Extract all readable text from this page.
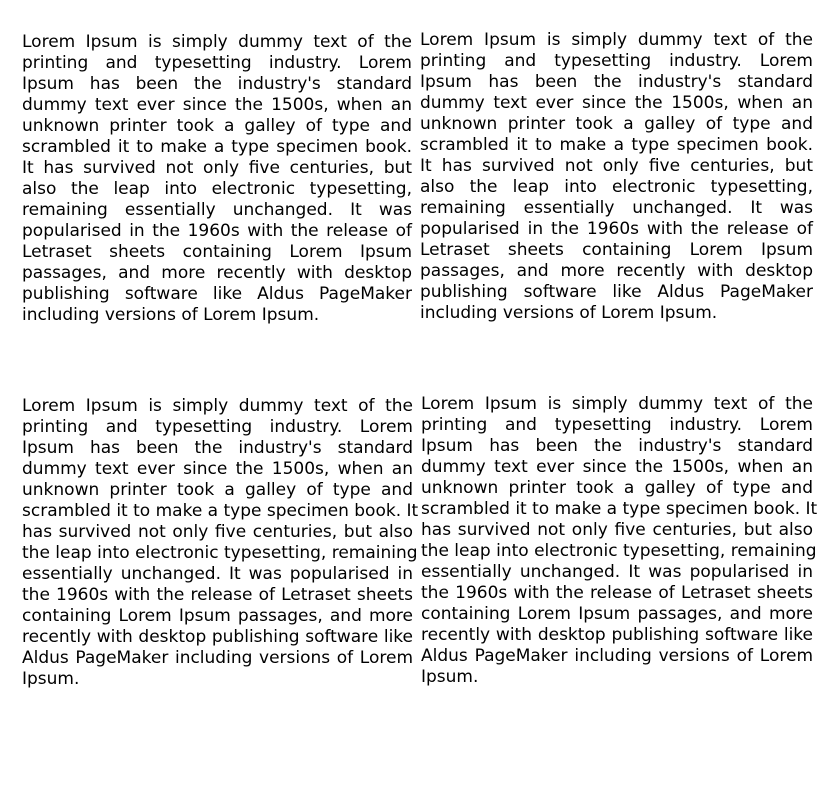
Lorem Ipsum is simply dummy text of the
printing and typesetting industry. Lorem
Ipsum has been the industry's standard
dummy text ever since the 1500s, when an
unknown printer took a galley of type and
scrambled it to make a type specimen book.
It has survived not only five centuries, but
also the leap into electronic typesetting,
remaining essentially unchanged. It was
popularised in the 1960s with the release of
Letraset sheets containing Lorem Ipsum
passages, and more recently with desktop
publishing software like Aldus PageMaker
including versions of Lorem Ipsum.
Lorem Ipsum is simply dummy text of the
printing and typesetting industry. Lorem
Ipsum has been the industry's standard
dummy text ever since the 1500s, when an
unknown printer took a galley of type and
scrambled it to make a type specimen book.
It has survived not only five centuries, but
also the leap into electronic typesetting,
remaining essentially unchanged. It was
popularised in the 1960s with the release of
Letraset sheets containing Lorem Ipsum
passages, and more recently with desktop
publishing software like Aldus PageMaker
including versions of Lorem Ipsum.
Lorem Ipsum is simply dummy text of the
printing and typesetting industry. Lorem
Ipsum has been the industry's standard
dummy text ever since the 1500s, when an
unknown printer took a galley of type and
scrambled it to make a type specimen book. It
has survived not only five centuries, but also
the leap into electronic typesetting, remaining
essentially unchanged. It was popularised in
the 1960s with the release of Letraset sheets
containing Lorem Ipsum passages, and more
recently with desktop publishing software like
Aldus PageMaker including versions of Lorem
Ipsum.
Lorem Ipsum is simply dummy text of the
printing and typesetting industry. Lorem
Ipsum has been the industry's standard
dummy text ever since the 1500s, when an
unknown printer took a galley of type and
scrambled it to make a type specimen book. It
has survived not only five centuries, but also
the leap into electronic typesetting, remaining
essentially unchanged. It was popularised in
the 1960s with the release of Letraset sheets
containing Lorem Ipsum passages, and more
recently with desktop publishing software like
Aldus PageMaker including versions of Lorem
Ipsum.
